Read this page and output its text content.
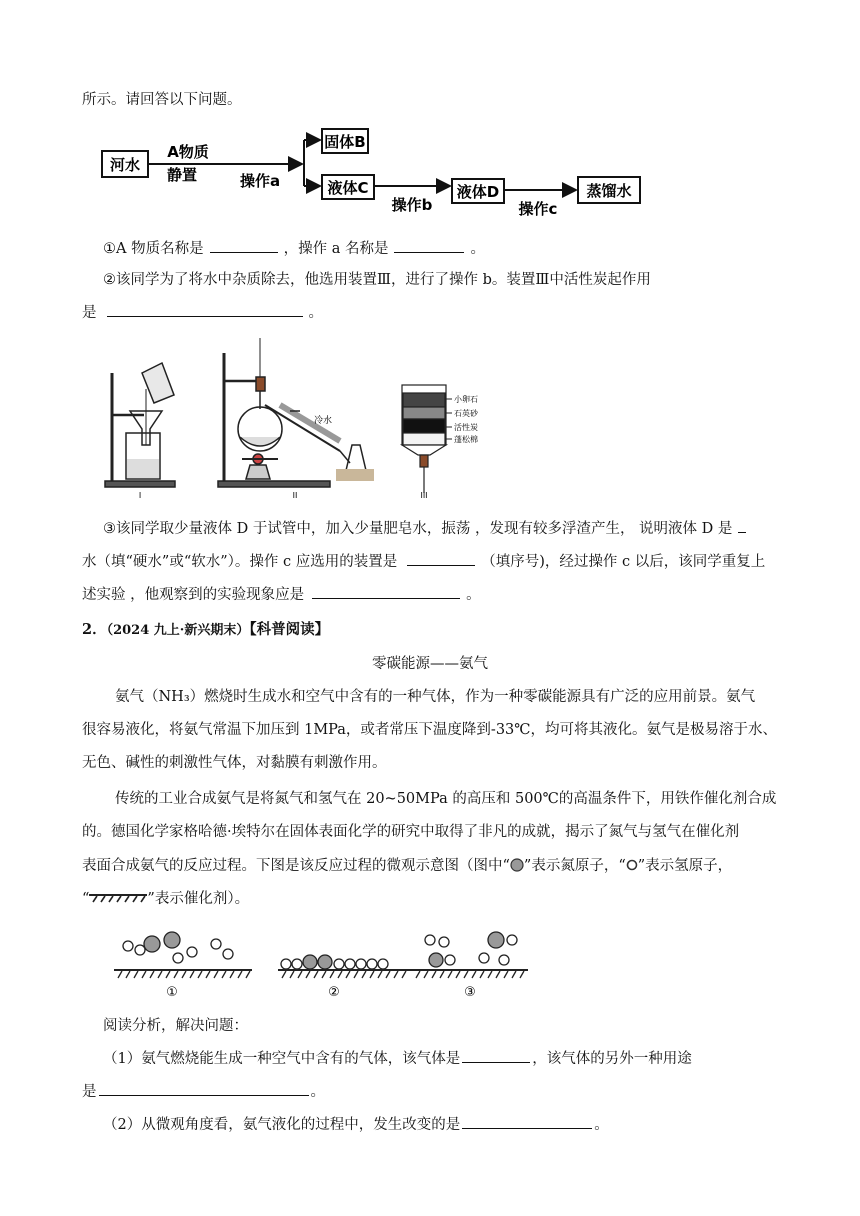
所示。请回答以下问题。
河水
A物质
静置	操作a
固体B
液体C
操作b
液体D
操作c
蒸馏水
①A 物质名称是	，操作 a 名称是	。
②该同学为了将水中杂质除去，他选用装置Ⅲ，进行了操作 b。装置Ⅲ中活性炭起作用
是	。
I
冷水
II
小卵石
石英砂
活性炭
蓬松棉
III
③该同学取少量液体 D 于试管中，加入少量肥皂水，振荡 ，发现有较多浮渣产生， 说明液体 D 是
水（填“硬水”或“软水”）。操作 c 应选用的装置是	（填序号)，经过操作 c 以后，该同学重复上
述实验 ，他观察到的实验现象应是	。
2．（2024 九上·新兴期末）【科普阅读】
零碳能源——氨气
氨气（NH₃）燃烧时生成水和空气中含有的一种气体，作为一种零碳能源具有广泛的应用前景。氨气
很容易液化，将氨气常温下加压到 1MPa，或者常压下温度降到-33℃，均可将其液化。氨气是极易溶于水、
无色、碱性的刺激性气体，对黏膜有刺激作用。
传统的工业合成氨气是将氮气和氢气在 20~50MPa 的高压和 500℃的高温条件下，用铁作催化剂合成
的。德国化学家格哈德·埃特尔在固体表面化学的研究中取得了非凡的成就，揭示了氮气与氢气在催化剂
表面合成氨气的反应过程。下图是该反应过程的微观示意图（图中“ ”表示氮原子，“ ”表示氢原子，
“	”表示催化剂）。
①	②	③
阅读分析，解决问题：
（1）氨气燃烧能生成一种空气中含有的气体，该气体是	，该气体的另外一种用途
是	。
（2）从微观角度看，氨气液化的过程中，发生改变的是	。
